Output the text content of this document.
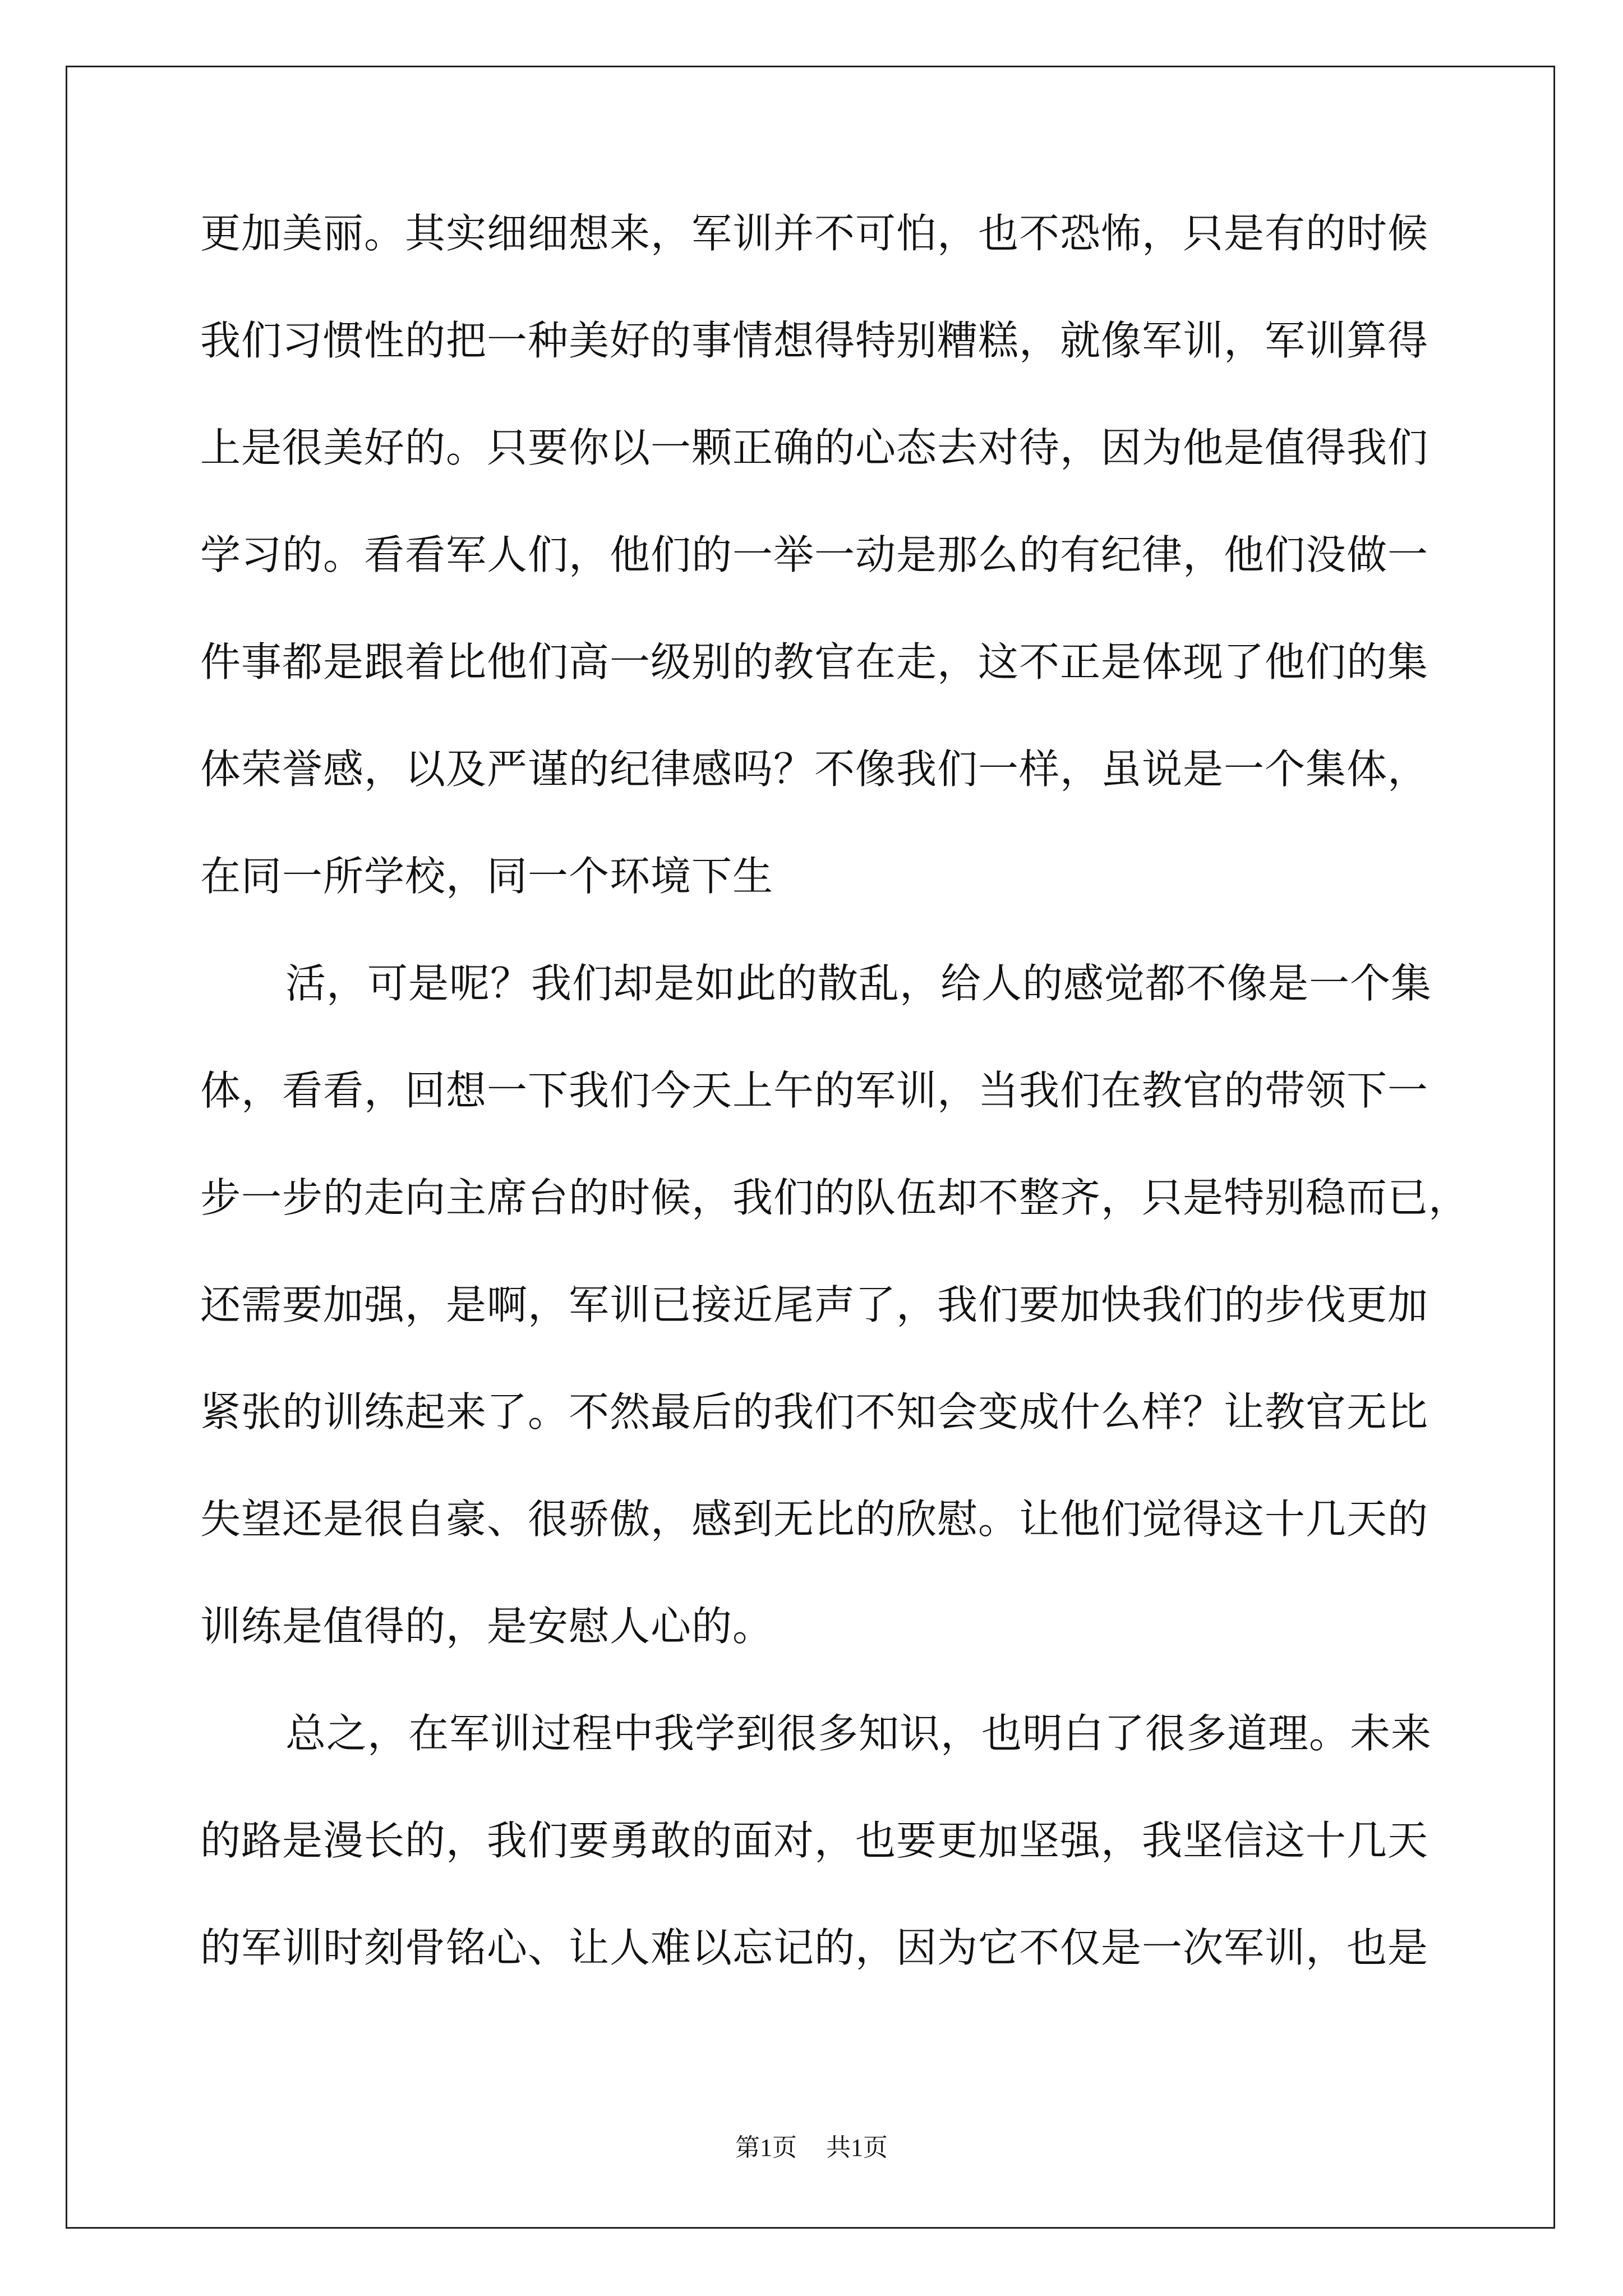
更加美丽。其实细细想来，军训并不可怕，也不恐怖，只是有的时候
我们习惯性的把一种美好的事情想得特别糟糕，就像军训，军训算得
上是很美好的。只要你以一颗正确的心态去对待，因为他是值得我们
学习的。看看军人们，他们的一举一动是那么的有纪律，他们没做一
件事都是跟着比他们高一级别的教官在走，这不正是体现了他们的集
体荣誉感，以及严谨的纪律感吗？不像我们一样，虽说是一个集体，
在同一所学校，同一个环境下生
活，可是呢？我们却是如此的散乱，给人的感觉都不像是一个集
体，看看，回想一下我们今天上午的军训，当我们在教官的带领下一
步一步的走向主席台的时候，我们的队伍却不整齐，只是特别稳而已，
还需要加强，是啊，军训已接近尾声了，我们要加快我们的步伐更加
紧张的训练起来了。不然最后的我们不知会变成什么样？让教官无比
失望还是很自豪、很骄傲，感到无比的欣慰。让他们觉得这十几天的
训练是值得的，是安慰人心的。
总之，在军训过程中我学到很多知识，也明白了很多道理。未来
的路是漫长的，我们要勇敢的面对，也要更加坚强，我坚信这十几天
的军训时刻骨铭心、让人难以忘记的，因为它不仅是一次军训，也是
第1页 共1页
